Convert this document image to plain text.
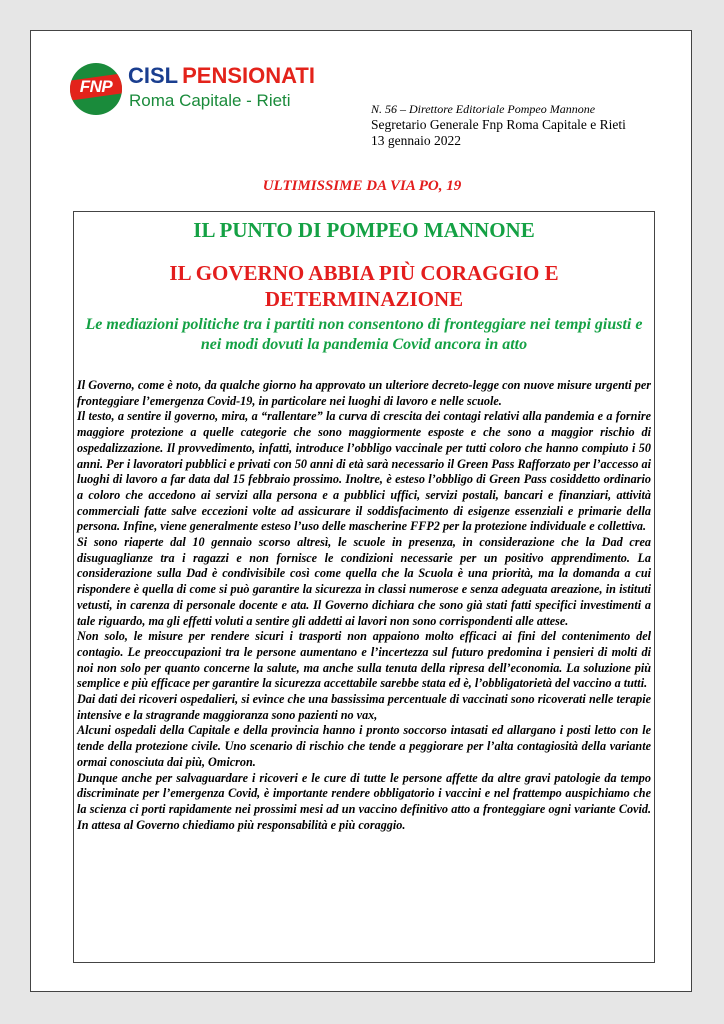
FNP CISL PENSIONATI
Roma Capitale - Rieti	N. 56 – Direttore Editoriale Pompeo Mannone
Segretario Generale Fnp Roma Capitale e Rieti
13 gennaio 2022
ULTIMISSIME DA VIA PO, 19
IL PUNTO DI POMPEO MANNONE
IL GOVERNO ABBIA PIÙ CORAGGIO E DETERMINAZIONE
Le mediazioni politiche tra i partiti non consentono di fronteggiare nei tempi giusti e nei modi dovuti la pandemia Covid ancora in atto

Il Governo, come è noto, da qualche giorno ha approvato un ulteriore decreto-legge con nuove misure urgenti per fronteggiare l’emergenza Covid-19, in particolare nei luoghi di lavoro e nelle scuole.

Il testo, a sentire il governo, mira, a “rallentare” la curva di crescita dei contagi relativi alla pandemia e a fornire maggiore protezione a quelle categorie che sono maggiormente esposte e che sono a maggior rischio di ospedalizzazione. Il provvedimento, infatti, introduce l’obbligo vaccinale per tutti coloro che hanno compiuto i 50 anni. Per i lavoratori pubblici e privati con 50 anni di età sarà necessario il Green Pass Rafforzato per l’accesso ai luoghi di lavoro a far data dal 15 febbraio prossimo. Inoltre, è esteso l’obbligo di Green Pass cosiddetto ordinario a coloro che accedono ai servizi alla persona e a pubblici uffici, servizi postali, bancari e finanziari, attività commerciali fatte salve eccezioni volte ad assicurare il soddisfacimento di esigenze essenziali e primarie della persona. Infine, viene generalmente esteso l’uso delle mascherine FFP2 per la protezione individuale e collettiva.

Si sono riaperte dal 10 gennaio scorso altresì, le scuole in presenza, in considerazione che la Dad crea disuguaglianze tra i ragazzi e non fornisce le condizioni necessarie per un positivo apprendimento. La considerazione sulla Dad è condivisibile così come quella che la Scuola è una priorità, ma la domanda a cui rispondere è quella di come si può garantire la sicurezza in classi numerose e senza adeguata areazione, in istituti vetusti, in carenza di personale docente e ata. Il Governo dichiara che sono già stati fatti specifici investimenti a tale riguardo, ma gli effetti voluti a sentire gli addetti ai lavori non sono corrispondenti alle attese.

Non solo, le misure per rendere sicuri i trasporti non appaiono molto efficaci ai fini del contenimento del contagio. Le preoccupazioni tra le persone aumentano e l’incertezza sul futuro predomina i pensieri di molti di noi non solo per quanto concerne la salute, ma anche sulla tenuta della ripresa dell’economia. La soluzione più semplice e più efficace per garantire la sicurezza accettabile sarebbe stata ed è, l’obbligatorietà del vaccino a tutti.

Dai dati dei ricoveri ospedalieri, si evince che una bassissima percentuale di vaccinati sono ricoverati nelle terapie intensive e la stragrande maggioranza sono pazienti no vax,

Alcuni ospedali della Capitale e della provincia hanno i pronto soccorso intasati ed allargano i posti letto con le tende della protezione civile. Uno scenario di rischio che tende a peggiorare per l’alta contagiosità della variante ormai conosciuta dai più, Omicron.

Dunque anche per salvaguardare i ricoveri e le cure di tutte le persone affette da altre gravi patologie da tempo discriminate per l’emergenza Covid, è importante rendere obbligatorio i vaccini e nel frattempo auspichiamo che la scienza ci porti rapidamente nei prossimi mesi ad un vaccino definitivo atto a fronteggiare ogni variante Covid. In attesa al Governo chiediamo più responsabilità e più coraggio.
